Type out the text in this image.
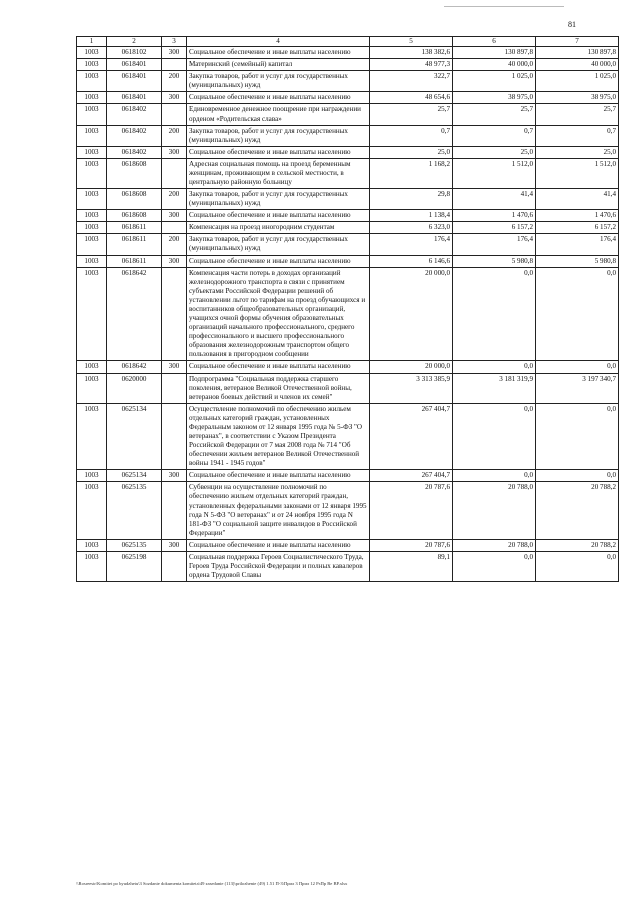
81
1	2	3	4	5	6	7
1003	0618102	300	Социальное обеспечение и иные выплаты населению	138 382,6	130 897,8	130 897,8
1003	0618401		Материнский (семейный) капитал	48 977,3	40 000,0	40 000,0
1003	0618401	200	Закупка товаров, работ и услуг для государственных (муниципальных) нужд	322,7	1 025,0	1 025,0
1003	0618401	300	Социальное обеспечение и иные выплаты населению	48 654,6	38 975,0	38 975,0
1003	0618402		Единовременное денежное поощрение при награждении орденом «Родительская слава»	25,7	25,7	25,7
1003	0618402	200	Закупка товаров, работ и услуг для государственных (муниципальных) нужд	0,7	0,7	0,7
1003	0618402	300	Социальное обеспечение и иные выплаты населению	25,0	25,0	25,0
1003	0618608		Адресная социальная помощь на проезд беременным женщинам, проживающим в сельской местности, в центральную районную больницу	1 168,2	1 512,0	1 512,0
1003	0618608	200	Закупка товаров, работ и услуг для государственных (муниципальных) нужд	29,8	41,4	41,4
1003	0618608	300	Социальное обеспечение и иные выплаты населению	1 138,4	1 470,6	1 470,6
1003	0618611		Компенсация на проезд иногородним студентам	6 323,0	6 157,2	6 157,2
1003	0618611	200	Закупка товаров, работ и услуг для государственных (муниципальных) нужд	176,4	176,4	176,4
1003	0618611	300	Социальное обеспечение и иные выплаты населению	6 146,6	5 980,8	5 980,8
1003	0618642		Компенсация части потерь в доходах организаций железнодорожного транспорта в связи с принятием субъектами Российской Федерации решений об установлении льгот по тарифам на проезд обучающихся и воспитанников общеобразовательных организаций, учащихся очной формы обучения образовательных организаций начального профессионального, среднего профессионального и высшего профессионального образования железнодорожным транспортом общего пользования в пригородном сообщении	20 000,0	0,0	0,0
1003	0618642	300	Социальное обеспечение и иные выплаты населению	20 000,0	0,0	0,0
1003	0620000		Подпрограмма "Социальная поддержка старшего поколения, ветеранов Великой Отечественной войны, ветеранов боевых действий и членов их семей"	3 313 385,9	3 181 319,9	3 197 340,7
1003	0625134		Осуществление полномочий по обеспечению жильем отдельных категорий граждан, установленных Федеральным законом от 12 января 1995 года № 5-ФЗ "О ветеранах", в соответствии с Указом Президента Российской Федерации от 7 мая 2008 года № 714 "Об обеспечении жильем ветеранов Великой Отечественной войны 1941 - 1945 годов"	267 404,7	0,0	0,0
1003	0625134	300	Социальное обеспечение и иные выплаты населению	267 404,7	0,0	0,0
1003	0625135		Субвенции на осуществление полномочий по обеспечению жильем отдельных категорий граждан, установленных федеральными законами от 12 января 1995 года N 5-ФЗ "О ветеранах" и от 24 ноября 1995 года N 181-ФЗ "О социальной защите инвалидов в Российской Федерации"	20 787,6	20 788,0	20 788,2
1003	0625135	300	Социальное обеспечение и иные выплаты населению	20 787,6	20 788,0	20 788,2
1003	0625198		Социальная поддержка Героев Социалистического Труда, Героев Труда Российской Федерации и полных кавалеров ордена Трудовой Славы	89,1	0,0	0,0
\\Rosreestr\Komitet po byudzhetu\3 Sozdanie dokumenta komiteta\49 zasedanie (113)\prilozhenie (49) 1.51 П-3\Прил 3 Прил 12 РзПр Ве ВР.xlsx
